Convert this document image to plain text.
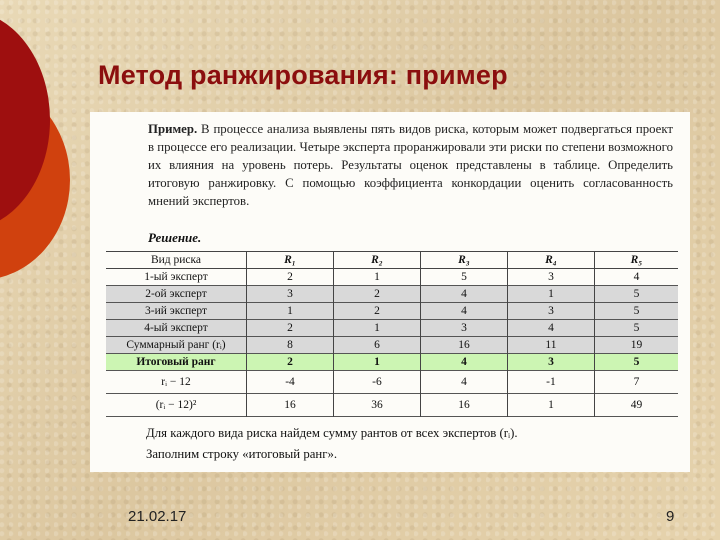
Метод ранжирования: пример
Пример. В процессе анализа выявлены пять видов риска, которым может подвергаться проект в процессе его реализации. Четыре эксперта проранжировали эти риски по степени возможного их влияния на уровень потерь. Результаты оценок представлены в таблице. Определить итоговую ранжировку. С помощью коэффициента конкордации оценить согласованность мнений экспертов.
Решение.
Вид риска	R₁	R₂	R₃	R₄	R₅
1-ый эксперт	2	1	5	3	4
2-ой эксперт	3	2	4	1	5
3-ий эксперт	1	2	4	3	5
4-ый эксперт	2	1	3	4	5
Суммарный ранг (rᵢ)	8	6	16	11	19
Итоговый ранг	2	1	4	3	5
rᵢ − 12	-4	-6	4	-1	7
(rᵢ − 12)²	16	36	16	1	49
Для каждого вида риска найдем сумму рантов от всех экспертов (rᵢ).
Заполним строку «итоговый ранг».
21.02.17	9
